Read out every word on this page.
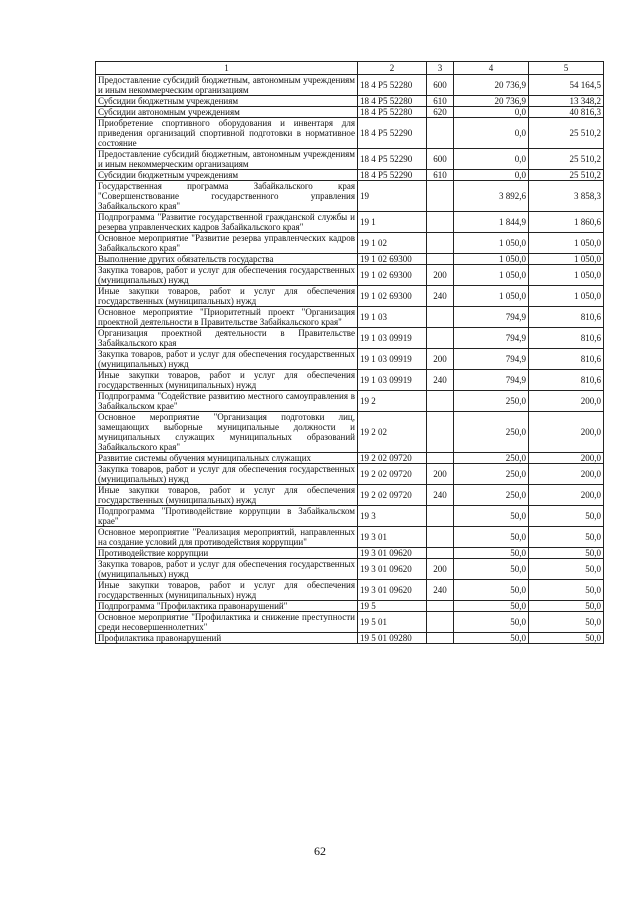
1	2	3	4	5
Предоставление субсидий бюджетным, автономным учреждениям и иным некоммерческим организациям	18 4 P5 52280	600	20 736,9	54 164,5
Субсидии бюджетным учреждениям	18 4 P5 52280	610	20 736,9	13 348,2
Субсидии автономным учреждениям	18 4 P5 52280	620	0,0	40 816,3
Приобретение спортивного оборудования и инвентаря для приведения организаций спортивной подготовки в нормативное состояние	18 4 P5 52290		0,0	25 510,2
Предоставление субсидий бюджетным, автономным учреждениям и иным некоммерческим организациям	18 4 P5 52290	600	0,0	25 510,2
Субсидии бюджетным учреждениям	18 4 P5 52290	610	0,0	25 510,2
Государственная программа Забайкальского края "Совершенствование государственного управления Забайкальского края"	19		3 892,6	3 858,3
Подпрограмма "Развитие государственной гражданской службы и резерва управленческих кадров Забайкальского края"	19 1		1 844,9	1 860,6
Основное мероприятие "Развитие резерва управленческих кадров Забайкальского края"	19 1 02		1 050,0	1 050,0
Выполнение других обязательств государства	19 1 02 69300		1 050,0	1 050,0
Закупка товаров, работ и услуг для обеспечения государственных (муниципальных) нужд	19 1 02 69300	200	1 050,0	1 050,0
Иные закупки товаров, работ и услуг для обеспечения государственных (муниципальных) нужд	19 1 02 69300	240	1 050,0	1 050,0
Основное мероприятие "Приоритетный проект "Организация проектной деятельности в Правительстве Забайкальского края"	19 1 03		794,9	810,6
Организация проектной деятельности в Правительстве Забайкальского края	19 1 03 09919		794,9	810,6
Закупка товаров, работ и услуг для обеспечения государственных (муниципальных) нужд	19 1 03 09919	200	794,9	810,6
Иные закупки товаров, работ и услуг для обеспечения государственных (муниципальных) нужд	19 1 03 09919	240	794,9	810,6
Подпрограмма "Содействие развитию местного самоуправления в Забайкальском крае"	19 2		250,0	200,0
Основное мероприятие "Организация подготовки лиц, замещающих выборные муниципальные должности и муниципальных служащих муниципальных образований Забайкальского края"	19 2 02		250,0	200,0
Развитие системы обучения муниципальных служащих	19 2 02 09720		250,0	200,0
Закупка товаров, работ и услуг для обеспечения государственных (муниципальных) нужд	19 2 02 09720	200	250,0	200,0
Иные закупки товаров, работ и услуг для обеспечения государственных (муниципальных) нужд	19 2 02 09720	240	250,0	200,0
Подпрограмма "Противодействие коррупции в Забайкальском крае"	19 3		50,0	50,0
Основное мероприятие "Реализация мероприятий, направленных на создание условий для противодействия коррупции"	19 3 01		50,0	50,0
Противодействие коррупции	19 3 01 09620		50,0	50,0
Закупка товаров, работ и услуг для обеспечения государственных (муниципальных) нужд	19 3 01 09620	200	50,0	50,0
Иные закупки товаров, работ и услуг для обеспечения государственных (муниципальных) нужд	19 3 01 09620	240	50,0	50,0
Подпрограмма "Профилактика правонарушений"	19 5		50,0	50,0
Основное мероприятие "Профилактика и снижение преступности среди несовершеннолетних"	19 5 01		50,0	50,0
Профилактика правонарушений	19 5 01 09280		50,0	50,0
62
